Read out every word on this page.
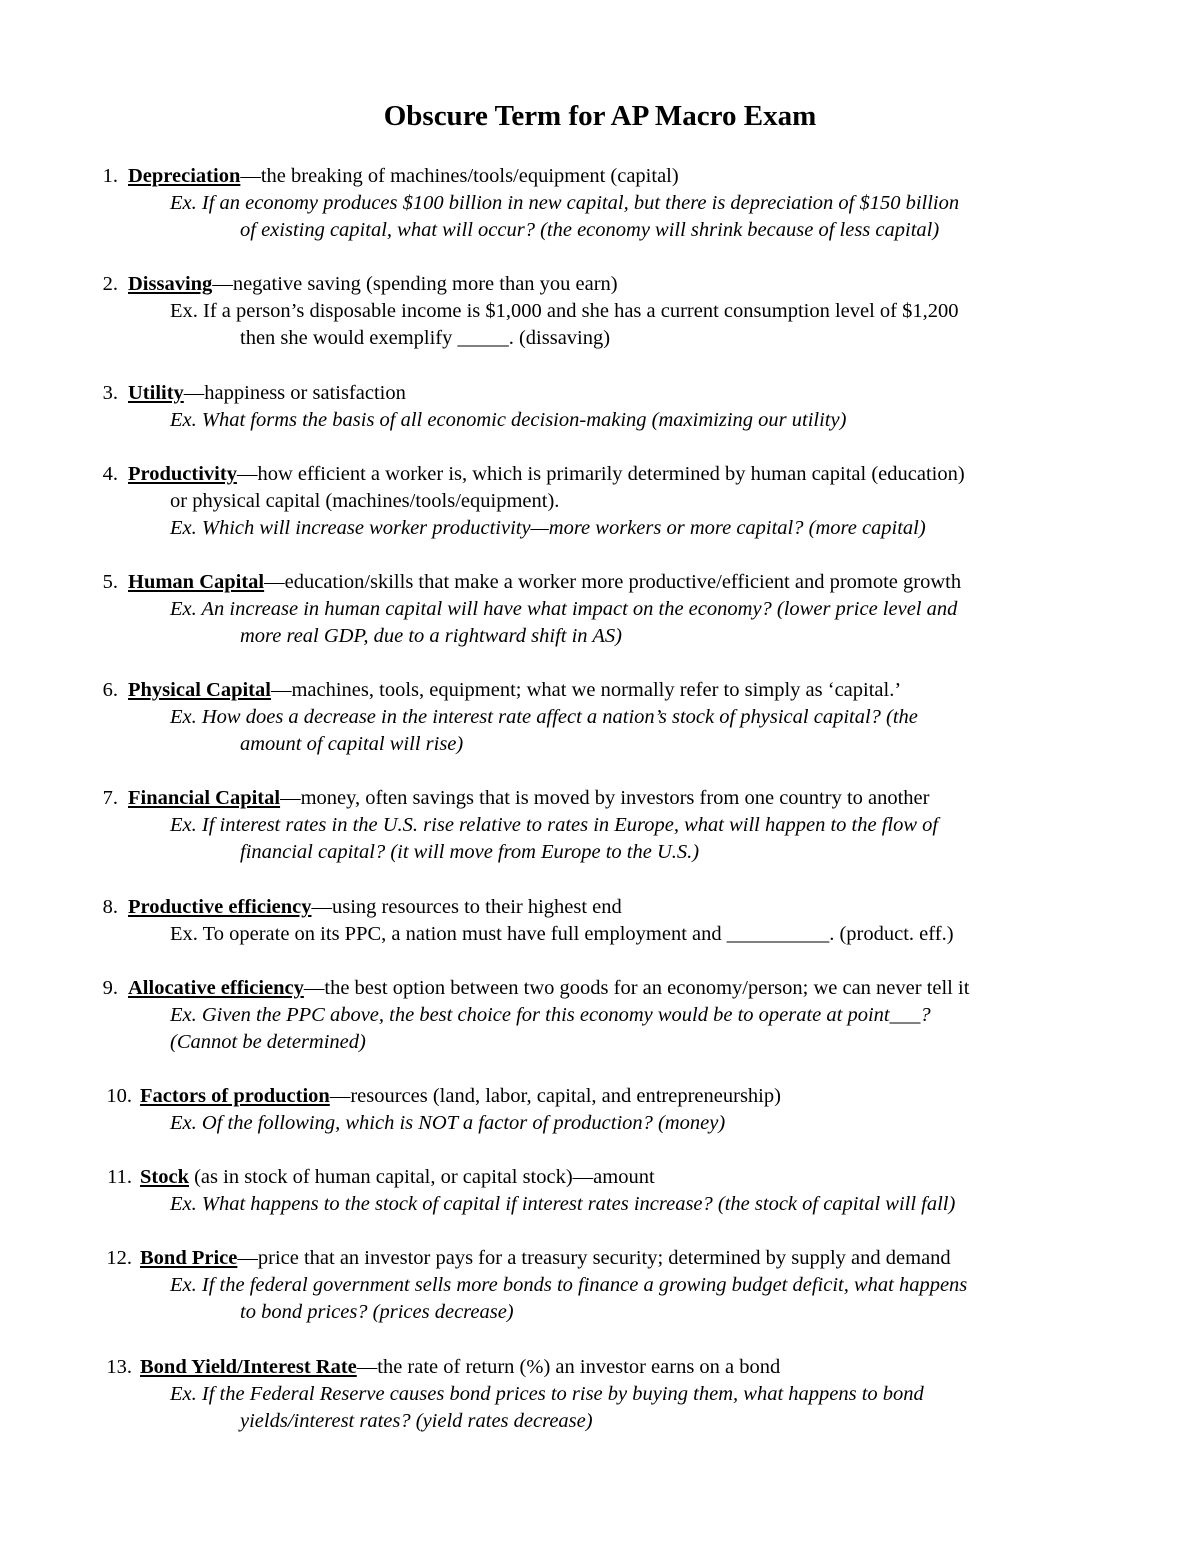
Obscure Term for AP Macro Exam
1. Depreciation—the breaking of machines/tools/equipment (capital)
Ex. If an economy produces $100 billion in new capital, but there is depreciation of $150 billion
of existing capital, what will occur? (the economy will shrink because of less capital)
2. Dissaving—negative saving (spending more than you earn)
Ex. If a person’s disposable income is $1,000 and she has a current consumption level of $1,200
then she would exemplify _____. (dissaving)
3. Utility—happiness or satisfaction
Ex. What forms the basis of all economic decision-making (maximizing our utility)
4. Productivity—how efficient a worker is, which is primarily determined by human capital (education)
or physical capital (machines/tools/equipment).
Ex. Which will increase worker productivity—more workers or more capital? (more capital)
5. Human Capital—education/skills that make a worker more productive/efficient and promote growth
Ex. An increase in human capital will have what impact on the economy? (lower price level and
more real GDP, due to a rightward shift in AS)
6. Physical Capital—machines, tools, equipment; what we normally refer to simply as ‘capital.’
Ex. How does a decrease in the interest rate affect a nation’s stock of physical capital? (the
amount of capital will rise)
7. Financial Capital—money, often savings that is moved by investors from one country to another
Ex. If interest rates in the U.S. rise relative to rates in Europe, what will happen to the flow of
financial capital? (it will move from Europe to the U.S.)
8. Productive efficiency—using resources to their highest end
Ex. To operate on its PPC, a nation must have full employment and __________. (product. eff.)
9. Allocative efficiency—the best option between two goods for an economy/person; we can never tell it
Ex. Given the PPC above, the best choice for this economy would be to operate at point___?
(Cannot be determined)
10. Factors of production—resources (land, labor, capital, and entrepreneurship)
Ex. Of the following, which is NOT a factor of production? (money)
11. Stock (as in stock of human capital, or capital stock)—amount
Ex. What happens to the stock of capital if interest rates increase? (the stock of capital will fall)
12. Bond Price—price that an investor pays for a treasury security; determined by supply and demand
Ex. If the federal government sells more bonds to finance a growing budget deficit, what happens
to bond prices? (prices decrease)
13. Bond Yield/Interest Rate—the rate of return (%) an investor earns on a bond
Ex. If the Federal Reserve causes bond prices to rise by buying them, what happens to bond
yields/interest rates? (yield rates decrease)
